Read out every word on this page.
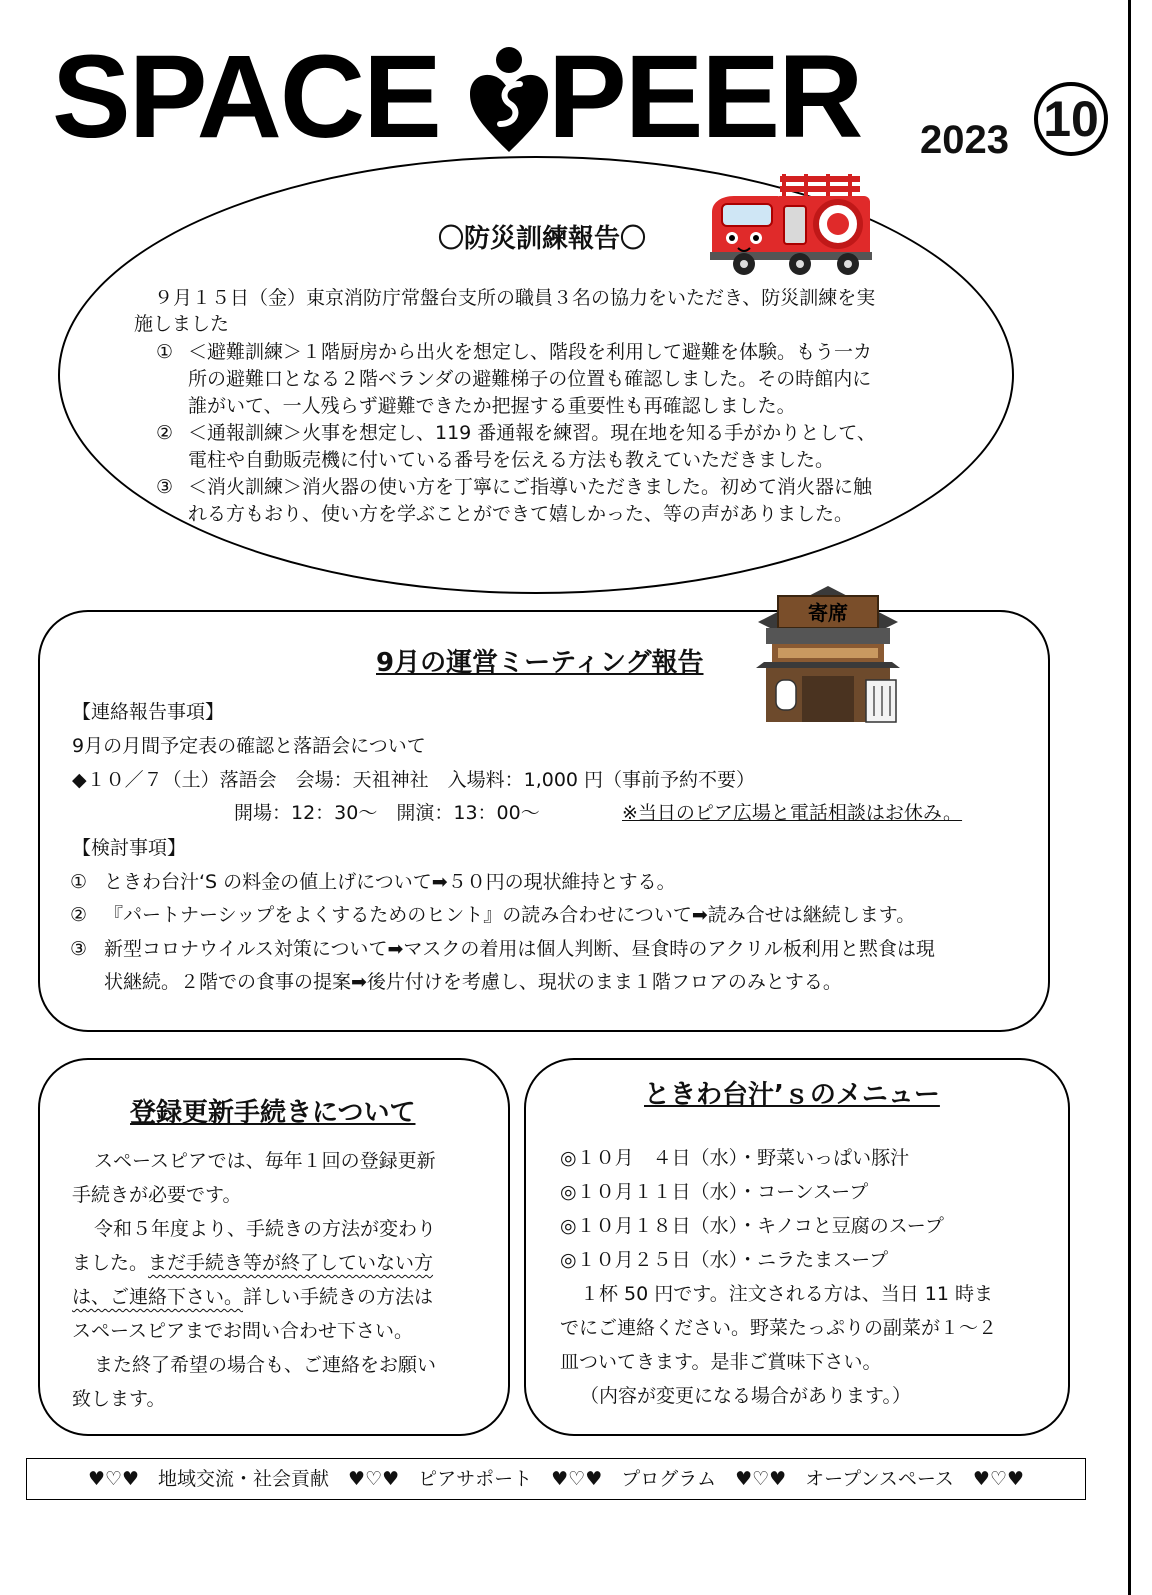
SPACE PEER 2023 10
〇防災訓練報告〇
９月１５日（金）東京消防庁常盤台支所の職員３名の協力をいただき、防災訓練を実
施しました
① ＜避難訓練＞１階厨房から出火を想定し、階段を利用して避難を体験。もう一カ
所の避難口となる２階ベランダの避難梯子の位置も確認しました。その時館内に
誰がいて、一人残らず避難できたか把握する重要性も再確認しました。
② ＜通報訓練＞火事を想定し、119 番通報を練習。現在地を知る手がかりとして、
電柱や自動販売機に付いている番号を伝える方法も教えていただきました。
③ ＜消火訓練＞消火器の使い方を丁寧にご指導いただきました。初めて消火器に触
れる方もおり、使い方を学ぶことができて嬉しかった、等の声がありました。
9月の運営ミーティング報告
寄席
【連絡報告事項】
9月の月間予定表の確認と落語会について
◆１０／７（土）落語会　会場：天祖神社　入場料：1,000 円（事前予約不要）
開場：12：30～　開演：13：00～	※当日のピア広場と電話相談はお休み。
【検討事項】
① ときわ台汁‘S の料金の値上げについて➡５０円の現状維持とする。
② 『パートナーシップをよくするためのヒント』の読み合わせについて➡読み合せは継続します。
③ 新型コロナウイルス対策について➡マスクの着用は個人判断、昼食時のアクリル板利用と黙食は現
状継続。２階での食事の提案➡後片付けを考慮し、現状のまま１階フロアのみとする。
登録更新手続きについて
スペースピアでは、毎年１回の登録更新
手続きが必要です。
令和５年度より、手続きの方法が変わり
ました。まだ手続き等が終了していない方
は、ご連絡下さい。詳しい手続きの方法は
スペースピアまでお問い合わせ下さい。
また終了希望の場合も、ご連絡をお願い
致します。
ときわ台汁’ｓのメニュー
◎１０月　４日（水）・野菜いっぱい豚汁
◎１０月１１日（水）・コーンスープ
◎１０月１８日（水）・キノコと豆腐のスープ
◎１０月２５日（水）・ニラたまスープ
１杯 50 円です。注文される方は、当日 11 時ま
でにご連絡ください。野菜たっぷりの副菜が１～２
皿ついてきます。是非ご賞味下さい。
（内容が変更になる場合があります。）
♥♡♥　地域交流・社会貢献　♥♡♥　ピアサポート　♥♡♥　プログラム　♥♡♥　オープンスペース　♥♡♥
